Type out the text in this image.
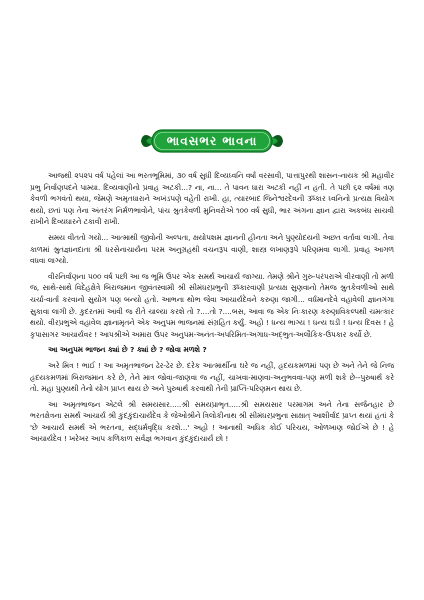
ભાવસભર ભાવના

આજથી ૨૫૨૫ વર્ષ પહેલાં આ ભરતભૂમિમાં, ૩૦ વર્ષ સુધી દિવ્યધ્વનિ વર્ષા વરસાવી, પાત્તાપુરથી શાસન-નાયક શ્રી મહાવીર પ્રભુ નિર્વાણપદને પામ્યા. દિવ્યવાણીનો પ્રવાહ અટકી...? ના, ના... તે પાવન ધારા અટકી નહીં ન હતી. તે પછી ૬૨ વર્ષમાં ત્રણ કેવળી ભગવંતો થયા, જેમણે અમૃતધારાને અખંડપણે વહેતી રાખી. હા, ત્યારબાદ જિનેશ્વરદેવની ૐકાર ધ્વનિનો પ્રત્યક્ષ વિયોગ થયો, છતાં પણ તેના અંતરંગ નિર્મળભાવોને, પાંચ શ્રુતકેવળી મુનિવરોએ ૧૦૦ વર્ષ સુધી, ભાર અંગના જ્ઞાન દ્વારા અકબંધ સાચવી રાખીને દિવ્યધારને ટકાવી રાખી.

સમય વીતતો ગયો... આત્માથી જીવોની અલ્પતા, ક્ષયોપશમ જ્ઞાનની હીનતા અને પુણ્યોદયની અછત વર્તાવા લાગી. તેવા કાળમાં શ્રુતજ્ઞાનદાતા શ્રી ધરસેનાચાર્યના પરમ અનુગ્રહથી વચનરૂપ વાણી, શાસ્ત્ર લખાણરૂપે પરિણમવા લાગી. પ્રવાહ આગળ વધવા લાગ્યો.

વીરનિર્વાણના ૫૦૦ વર્ષ પછી આ જ ભૂમિ ઉપર એક સમર્થ આચાર્ય જાગ્યા. તેમણે શ્રીને ગુરુ-પરંપરાએ વીરવાણી તો મળી જ, સાથે-સાથે વિદેહક્ષેત્રે બિરાજમાન જીવંતસ્વામી શ્રી સીમંધરપ્રભુની ૐકારવાણી પ્રત્યક્ષ સુણવાનો તેમજ શ્રુતકેવળીઓ સાથે ચર્ચા-વાર્તા કરવાનો સુયોગ પણ બન્યો હતો. આભના થોભ જેવા આચાર્યદેવને કરુણા જાગી... વર્ધમાનદેવે વહાવેલી જ્ઞાનગંગા સુકાવા લાગી છે. કુદરતમાં આવી જ રીતે ચાલ્યા કરશે તો ?....તો ?....બસ, આવા જ એક નિઃકારણ કરુણાવિકલ્પથી ચમત્કાર થયો. વીરપ્રભુએ વહાવેલ જ્ઞાનામૃતને એક અનુપમ ભાજનમાં સંગ્રહિત કર્યું. અહો ! ધન્ય ભાગ્ય ! ધન્ય ઘડી ! ધન્ય દિવસ ! હે કૃપાસાગર આચાર્યવર ! આપશ્રીએ અમારા ઉપર અનુપમ-અનંત-અપરિમિત-અગાધ-અદ્ભુત-અલૌકિક-ઉપકાર કર્યો છે.

આ અનુપમ ભાજન ક્યાં છે ? ક્યાં છે ? જોવા મળશે ?

અરે મિત્ર ! ભાઈ ! આ અમૃતભાજન ઢેર-ઢેર છે. દરેક આત્માર્થીના ઘરે જ નહીં, હૃદયકમળમાં પણ છે અને તેને જે નિજ હૃદયકમળમાં બિરાજમાન કરે છે, તેને માત્ર જોવા-જાણવા જ નહીં, ચાખવા-માણવા-અનુભવવા-પણ મળી શકે છે--પુરુષાર્થ કરે તો. મહા પુણ્યથી તેનો યોગ પ્રાપ્ત થાય છે અને પુરુષાર્થ કરવાથી તેની પ્રાપ્તિ-પરિણમન થાય છે.

આ અમૃતભાજન એટલે શ્રી સમયસાર.....શ્રી સમયપ્રાભૃત.....શ્રી સમયસાર પરમાગમ અને તેના સર્જનહાર છે ભરતક્ષેત્રના સમર્થ આચાર્ય શ્રી કુંદકુંદાચાર્યદેવ કે જેઓશ્રીને ત્રિલોકીનાથ શ્રી સીમંધરપ્રભુના સાક્ષાત્ આશીર્વાદ પ્રાપ્ત થયાં હતાં કે 'છે આચાર્ય સમર્થ એ ભરતના, સદ્ધર્મવૃદ્ધિ કરશે...' અહો ! આનાથી અધિક કોઈ પરિચય, ઓળખાણ જોઈએ છે ! હે આચાર્યદેવ ! ખરેખર આપ કળિકાળ સર્વજ્ઞ ભગવાન કુંદકુંદાચાર્ય છો !
